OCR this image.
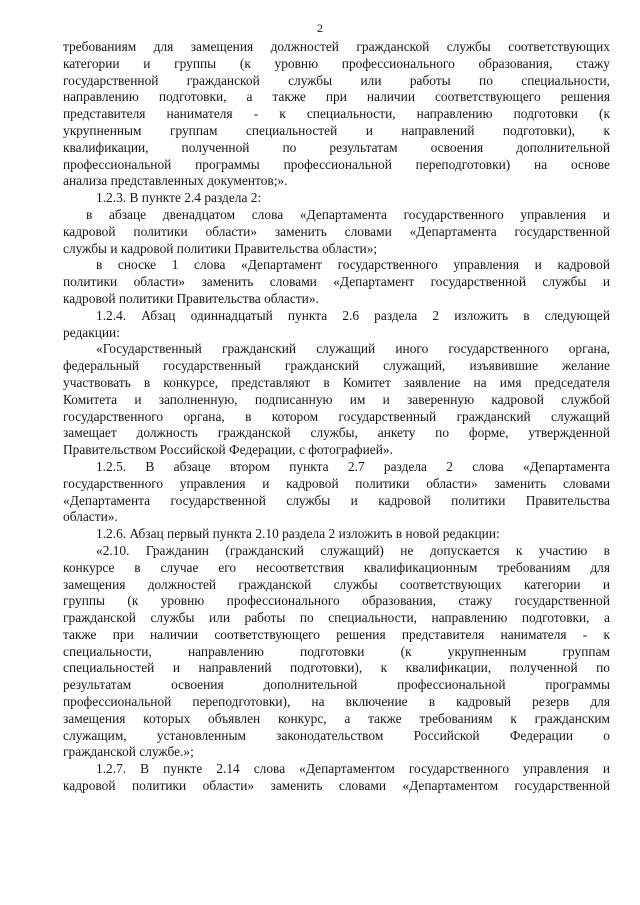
2
требованиям для замещения должностей гражданской службы соответствующих
категории и группы (к уровню профессионального образования, стажу
государственной гражданской службы или работы по специальности,
направлению подготовки, а также при наличии соответствующего решения
представителя нанимателя - к специальности, направлению подготовки (к
укрупненным группам специальностей и направлений подготовки), к
квалификации, полученной по результатам освоения дополнительной
профессиональной программы профессиональной переподготовки) на основе
анализа представленных документов;».
1.2.3. В пункте 2.4 раздела 2:
в абзаце двенадцатом слова «Департамента государственного управления и
кадровой политики области» заменить словами «Департамента государственной
службы и кадровой политики Правительства области»;
в сноске 1 слова «Департамент государственного управления и кадровой
политики области» заменить словами «Департамент государственной службы и
кадровой политики Правительства области».
1.2.4. Абзац одиннадцатый пункта 2.6 раздела 2 изложить в следующей
редакции:
«Государственный гражданский служащий иного государственного органа,
федеральный государственный гражданский служащий, изъявившие желание
участвовать в конкурсе, представляют в Комитет заявление на имя председателя
Комитета и заполненную, подписанную им и заверенную кадровой службой
государственного органа, в котором государственный гражданский служащий
замещает должность гражданской службы, анкету по форме, утвержденной
Правительством Российской Федерации, с фотографией».
1.2.5. В абзаце втором пункта 2.7 раздела 2 слова «Департамента
государственного управления и кадровой политики области» заменить словами
«Департамента государственной службы и кадровой политики Правительства
области».
1.2.6. Абзац первый пункта 2.10 раздела 2 изложить в новой редакции:
«2.10. Гражданин (гражданский служащий) не допускается к участию в
конкурсе в случае его несоответствия квалификационным требованиям для
замещения должностей гражданской службы соответствующих категории и
группы (к уровню профессионального образования, стажу государственной
гражданской службы или работы по специальности, направлению подготовки, а
также при наличии соответствующего решения представителя нанимателя - к
специальности, направлению подготовки (к укрупненным группам
специальностей и направлений подготовки), к квалификации, полученной по
результатам освоения дополнительной профессиональной программы
профессиональной переподготовки), на включение в кадровый резерв для
замещения которых объявлен конкурс, а также требованиям к гражданским
служащим, установленным законодательством Российской Федерации о
гражданской службе.»;
1.2.7. В пункте 2.14 слова «Департаментом государственного управления и
кадровой политики области» заменить словами «Департаментом государственной
